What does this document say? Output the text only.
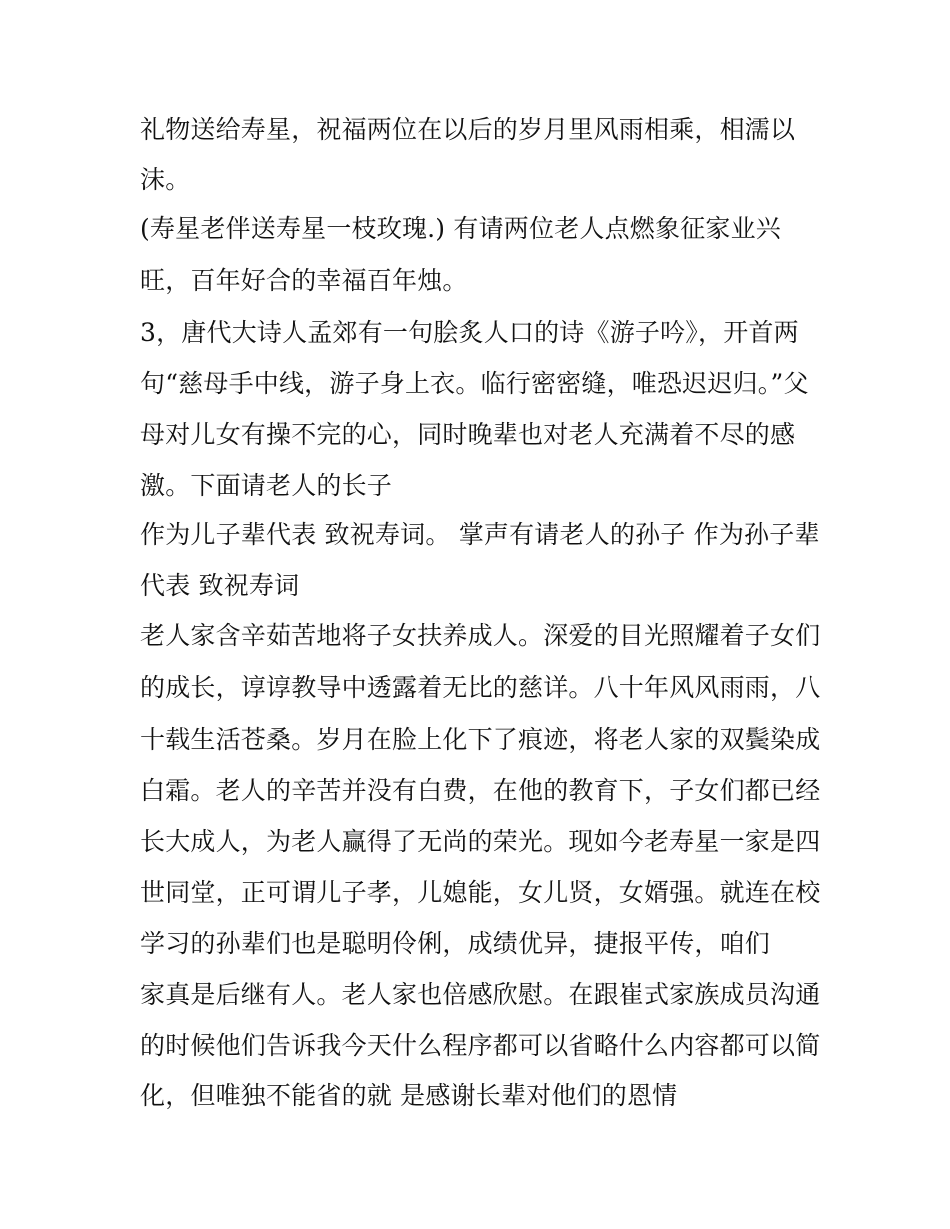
礼物送给寿星，祝福两位在以后的岁月里风雨相乘，相濡以
沫。
(寿星老伴送寿星一枝玫瑰.) 有请两位老人点燃象征家业兴
旺，百年好合的幸福百年烛。
3，唐代大诗人孟郊有一句脍炙人口的诗《游子吟》，开首两
句“慈母手中线，游子身上衣。临行密密缝，唯恐迟迟归。”父
母对儿女有操不完的心，同时晚辈也对老人充满着不尽的感
激。下面请老人的长子
作为儿子辈代表 致祝寿词。 掌声有请老人的孙子 作为孙子辈
代表 致祝寿词
老人家含辛茹苦地将子女扶养成人。深爱的目光照耀着子女们
的成长，谆谆教导中透露着无比的慈详。八十年风风雨雨，八
十载生活苍桑。岁月在脸上化下了痕迹，将老人家的双鬓染成
白霜。老人的辛苦并没有白费，在他的教育下，子女们都已经
长大成人，为老人赢得了无尚的荣光。现如今老寿星一家是四
世同堂，正可谓儿子孝，儿媳能，女儿贤，女婿强。就连在校
学习的孙辈们也是聪明伶俐，成绩优异，捷报平传，咱们
家真是后继有人。老人家也倍感欣慰。在跟崔式家族成员沟通
的时候他们告诉我今天什么程序都可以省略什么内容都可以简
化，但唯独不能省的就 是感谢长辈对他们的恩情
